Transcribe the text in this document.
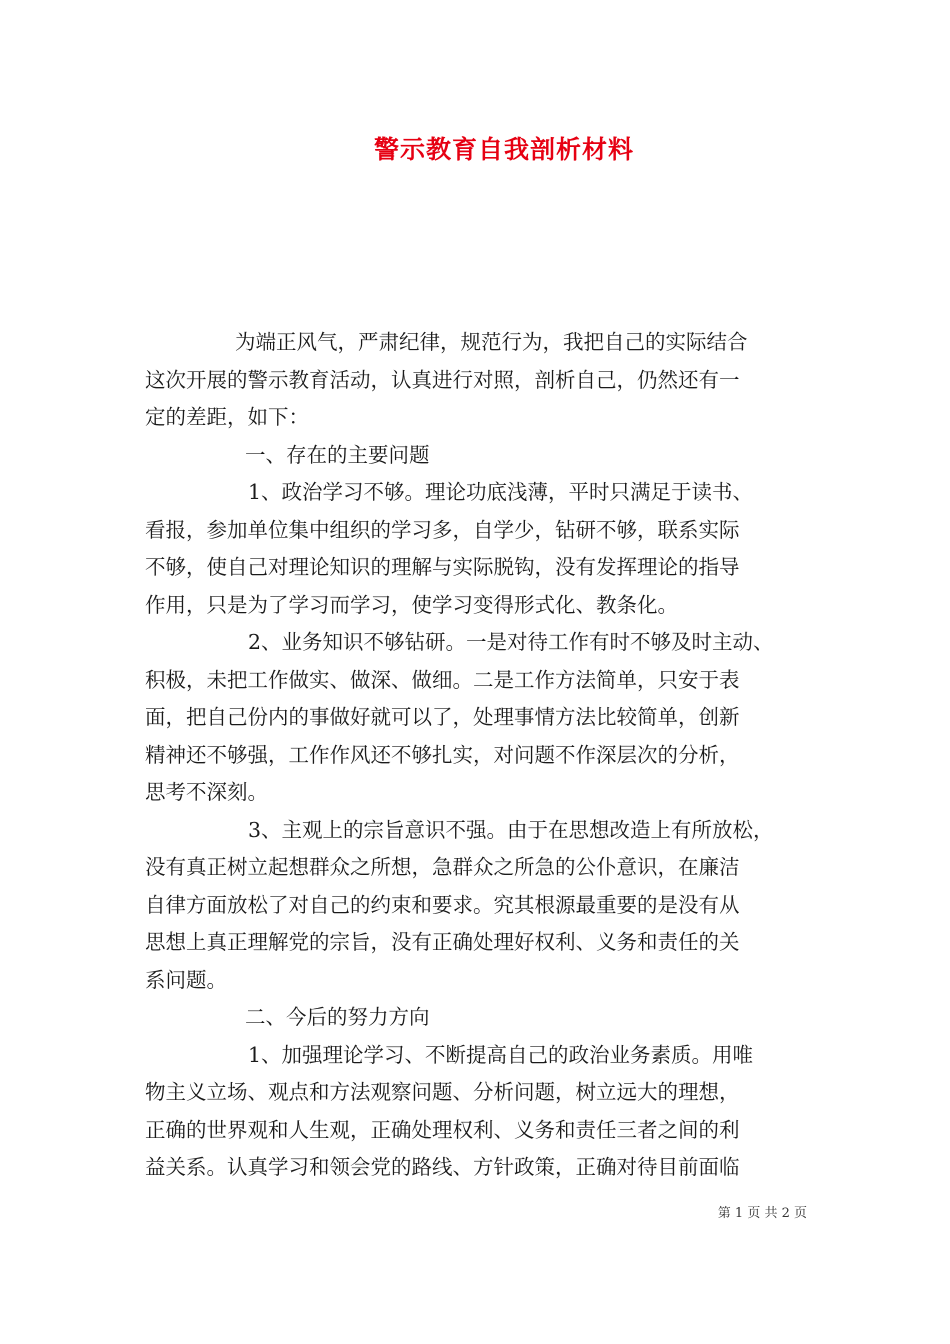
警示教育自我剖析材料
为端正风气，严肃纪律，规范行为，我把自己的实际结合
这次开展的警示教育活动，认真进行对照，剖析自己，仍然还有一
定的差距，如下：
一、存在的主要问题
1、政治学习不够。理论功底浅薄，平时只满足于读书、
看报，参加单位集中组织的学习多，自学少，钻研不够，联系实际
不够，使自己对理论知识的理解与实际脱钩，没有发挥理论的指导
作用，只是为了学习而学习，使学习变得形式化、教条化。
2、业务知识不够钻研。一是对待工作有时不够及时主动、
积极，未把工作做实、做深、做细。二是工作方法简单，只安于表
面，把自己份内的事做好就可以了，处理事情方法比较简单，创新
精神还不够强，工作作风还不够扎实，对问题不作深层次的分析，
思考不深刻。
3、主观上的宗旨意识不强。由于在思想改造上有所放松，
没有真正树立起想群众之所想，急群众之所急的公仆意识，在廉洁
自律方面放松了对自己的约束和要求。究其根源最重要的是没有从
思想上真正理解党的宗旨，没有正确处理好权利、义务和责任的关
系问题。
二、今后的努力方向
1、加强理论学习、不断提高自己的政治业务素质。用唯
物主义立场、观点和方法观察问题、分析问题，树立远大的理想，
正确的世界观和人生观，正确处理权利、义务和责任三者之间的利
益关系。认真学习和领会党的路线、方针政策，正确对待目前面临
第 1 页 共 2 页
